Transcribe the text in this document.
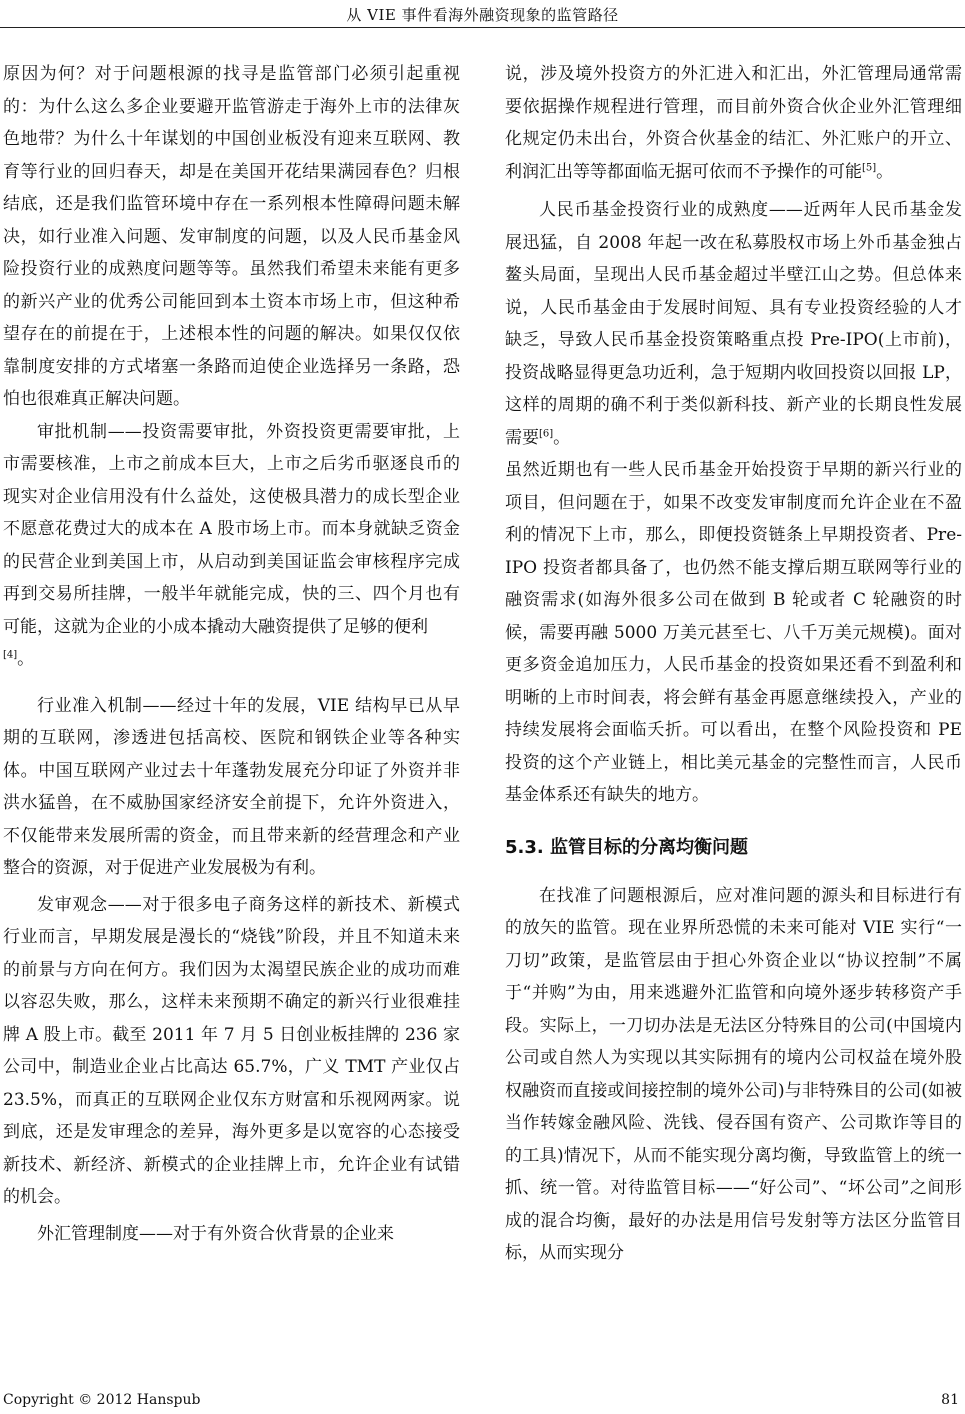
从 VIE 事件看海外融资现象的监管路径

原因为何？对于问题根源的找寻是监管部门必须引起重视的：为什么这么多企业要避开监管游走于海外上市的法律灰色地带？为什么十年谋划的中国创业板没有迎来互联网、教育等行业的回归春天，却是在美国开花结果满园春色？归根结底，还是我们监管环境中存在一系列根本性障碍问题未解决，如行业准入问题、发审制度的问题，以及人民币基金风险投资行业的成熟度问题等等。虽然我们希望未来能有更多的新兴产业的优秀公司能回到本土资本市场上市，但这种希望存在的前提在于，上述根本性的问题的解决。如果仅仅依靠制度安排的方式堵塞一条路而迫使企业选择另一条路，恐怕也很难真正解决问题。

审批机制——投资需要审批，外资投资更需要审批，上市需要核准，上市之前成本巨大，上市之后劣币驱逐良币的现实对企业信用没有什么益处，这使极具潜力的成长型企业不愿意花费过大的成本在 A 股市场上市。而本身就缺乏资金的民营企业到美国上市，从启动到美国证监会审核程序完成再到交易所挂牌，一般半年就能完成，快的三、四个月也有可能，这就为企业的小成本撬动大融资提供了足够的便利
[4]。

行业准入机制——经过十年的发展，VIE 结构早已从早期的互联网，渗透进包括高校、医院和钢铁企业等各种实体。中国互联网产业过去十年蓬勃发展充分印证了外资并非洪水猛兽，在不威胁国家经济安全前提下，允许外资进入，不仅能带来发展所需的资金，而且带来新的经营理念和产业整合的资源，对于促进产业发展极为有利。

发审观念——对于很多电子商务这样的新技术、新模式行业而言，早期发展是漫长的“烧钱”阶段，并且不知道未来的前景与方向在何方。我们因为太渴望民族企业的成功而难以容忍失败，那么，这样未来预期不确定的新兴行业很难挂牌 A 股上市。截至 2011 年 7 月 5 日创业板挂牌的 236 家公司中，制造业企业占比高达 65.7%，广义 TMT 产业仅占 23.5%，而真正的互联网企业仅东方财富和乐视网两家。说到底，还是发审理念的差异，海外更多是以宽容的心态接受新技术、新经济、新模式的企业挂牌上市，允许企业有试错的机会。

外汇管理制度——对于有外资合伙背景的企业来

说，涉及境外投资方的外汇进入和汇出，外汇管理局通常需要依据操作规程进行管理，而目前外资合伙企业外汇管理细化规定仍未出台，外资合伙基金的结汇、外汇账户的开立、利润汇出等等都面临无据可依而不予操作的可能[5]。

人民币基金投资行业的成熟度——近两年人民币基金发展迅猛，自 2008 年起一改在私募股权市场上外币基金独占鳌头局面，呈现出人民币基金超过半壁江山之势。但总体来说，人民币基金由于发展时间短、具有专业投资经验的人才缺乏，导致人民币基金投资策略重点投 Pre-IPO(上市前)，投资战略显得更急功近利，急于短期内收回投资以回报 LP，这样的周期的确不利于类似新科技、新产业的长期良性发展需要[6]。

虽然近期也有一些人民币基金开始投资于早期的新兴行业的项目，但问题在于，如果不改变发审制度而允许企业在不盈利的情况下上市，那么，即便投资链条上早期投资者、Pre-IPO 投资者都具备了，也仍然不能支撑后期互联网等行业的融资需求(如海外很多公司在做到 B 轮或者 C 轮融资的时候，需要再融 5000 万美元甚至七、八千万美元规模)。面对更多资金追加压力，人民币基金的投资如果还看不到盈利和明晰的上市时间表，将会鲜有基金再愿意继续投入，产业的持续发展将会面临夭折。可以看出，在整个风险投资和 PE 投资的这个产业链上，相比美元基金的完整性而言，人民币基金体系还有缺失的地方。

5.3. 监管目标的分离均衡问题

在找准了问题根源后，应对准问题的源头和目标进行有的放矢的监管。现在业界所恐慌的未来可能对 VIE 实行“一刀切”政策，是监管层由于担心外资企业以“协议控制”不属于“并购”为由，用来逃避外汇监管和向境外逐步转移资产手段。实际上，一刀切办法是无法区分特殊目的公司(中国境内公司或自然人为实现以其实际拥有的境内公司权益在境外股权融资而直接或间接控制的境外公司)与非特殊目的公司(如被当作转嫁金融风险、洗钱、侵吞国有资产、公司欺诈等目的的工具)情况下，从而不能实现分离均衡，导致监管上的统一抓、统一管。对待监管目标——“好公司”、“坏公司”之间形成的混合均衡，最好的办法是用信号发射等方法区分监管目标，从而实现分

Copyright © 2012 Hanspub	81
